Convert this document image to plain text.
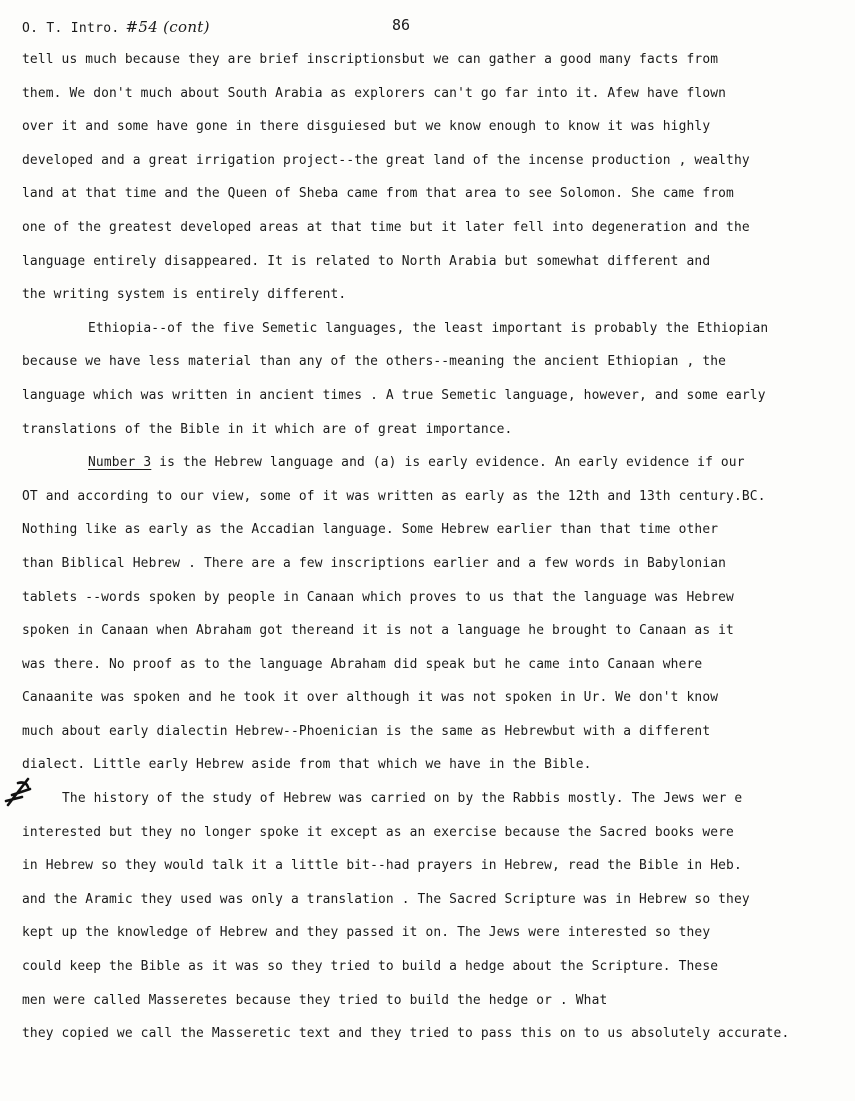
O. T. Intro. #54 (cont)	86
tell us much because they are brief inscriptionsbut we can gather a good many facts from
them. We don't much about South Arabia as explorers can't go far into it. Afew have flown
over it and some have gone in there disguiesed but we know enough to know it was highly
developed and a great irrigation project--the great land of the incense production , wealthy
land at that time and the Queen of Sheba came from that area to see Solomon. She came from
one of the greatest developed areas at that time but it later fell into degeneration and the
language entirely disappeared. It is related to North Arabia but somewhat different and
the writing system is entirely different.
Ethiopia--of the five Semetic languages, the least important is probably the Ethiopian
because we have less material than any of the others--meaning the ancient Ethiopian , the
language which was written in ancient times . A true Semetic language, however, and some early
translations of the Bible in it which are of great importance.
Number 3 is the Hebrew language and (a) is early evidence. An early evidence if our
OT and according to our view, some of it was written as early as the 12th and 13th century.BC.
Nothing like as early as the Accadian language. Some Hebrew earlier than that time other
than Biblical Hebrew . There are a few inscriptions earlier and a few words in Babylonian
tablets --words spoken by people in Canaan which proves to us that the language was Hebrew
spoken in Canaan when Abraham got thereand it is not a language he brought to Canaan as it
was there. No proof as to the language Abraham did speak but he came into Canaan where
Canaanite was spoken and he took it over although it was not spoken in Ur. We don't know
much about early dialectin Hebrew--Phoenician is the same as Hebrewbut with a different
dialect. Little early Hebrew aside from that which we have in the Bible.
The history of the study of Hebrew was carried on by the Rabbis mostly. The Jews wer e
interested but they no longer spoke it except as an exercise because the Sacred books were
in Hebrew so they would talk it a little bit--had prayers in Hebrew, read the Bible in Heb.
and the Aramic they used was only a translation . The Sacred Scripture was in Hebrew so they
kept up the knowledge of Hebrew and they passed it on. The Jews were interested so they
could keep the Bible as it was so they tried to build a hedge about the Scripture. These
men were called Masseretes because they tried to build the hedge or . What
they copied we call the Masseretic text and they tried to pass this on to us absolutely accurate.
